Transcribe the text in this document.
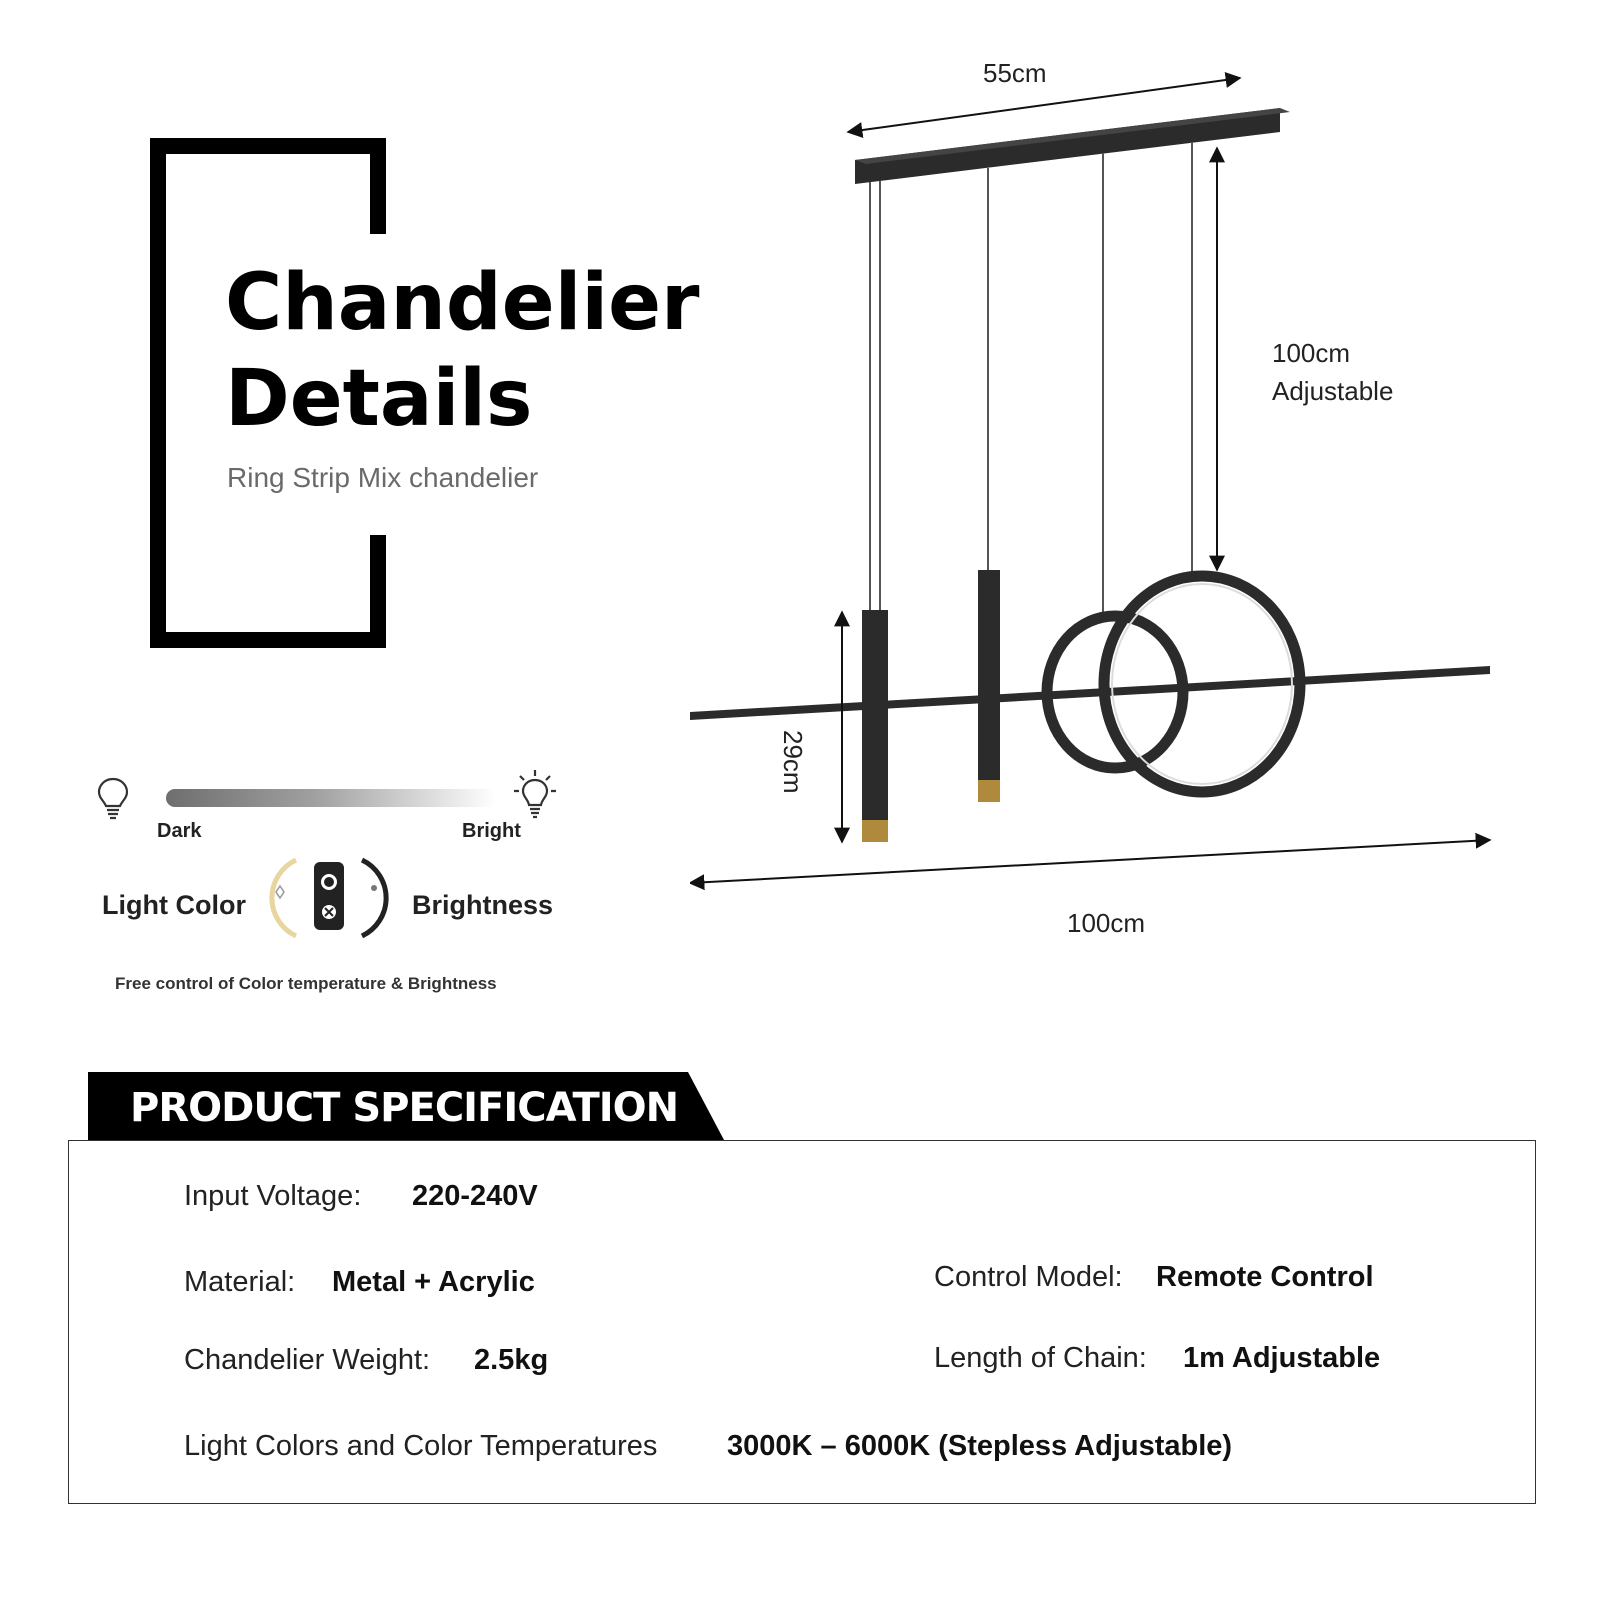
Chandelier
Details
Ring Strip Mix chandelier
Dark	Bright
Light Color	Brightness
Free control of Color temperature & Brightness
55cm
100cm
Adjustable
29cm
100cm
PRODUCT SPECIFICATION
Input Voltage: 220-240V
Material: Metal + Acrylic	Control Model: Remote Control
Chandelier Weight: 2.5kg	Length of Chain: 1m Adjustable
Light Colors and Color Temperatures 3000K – 6000K (Stepless Adjustable)
